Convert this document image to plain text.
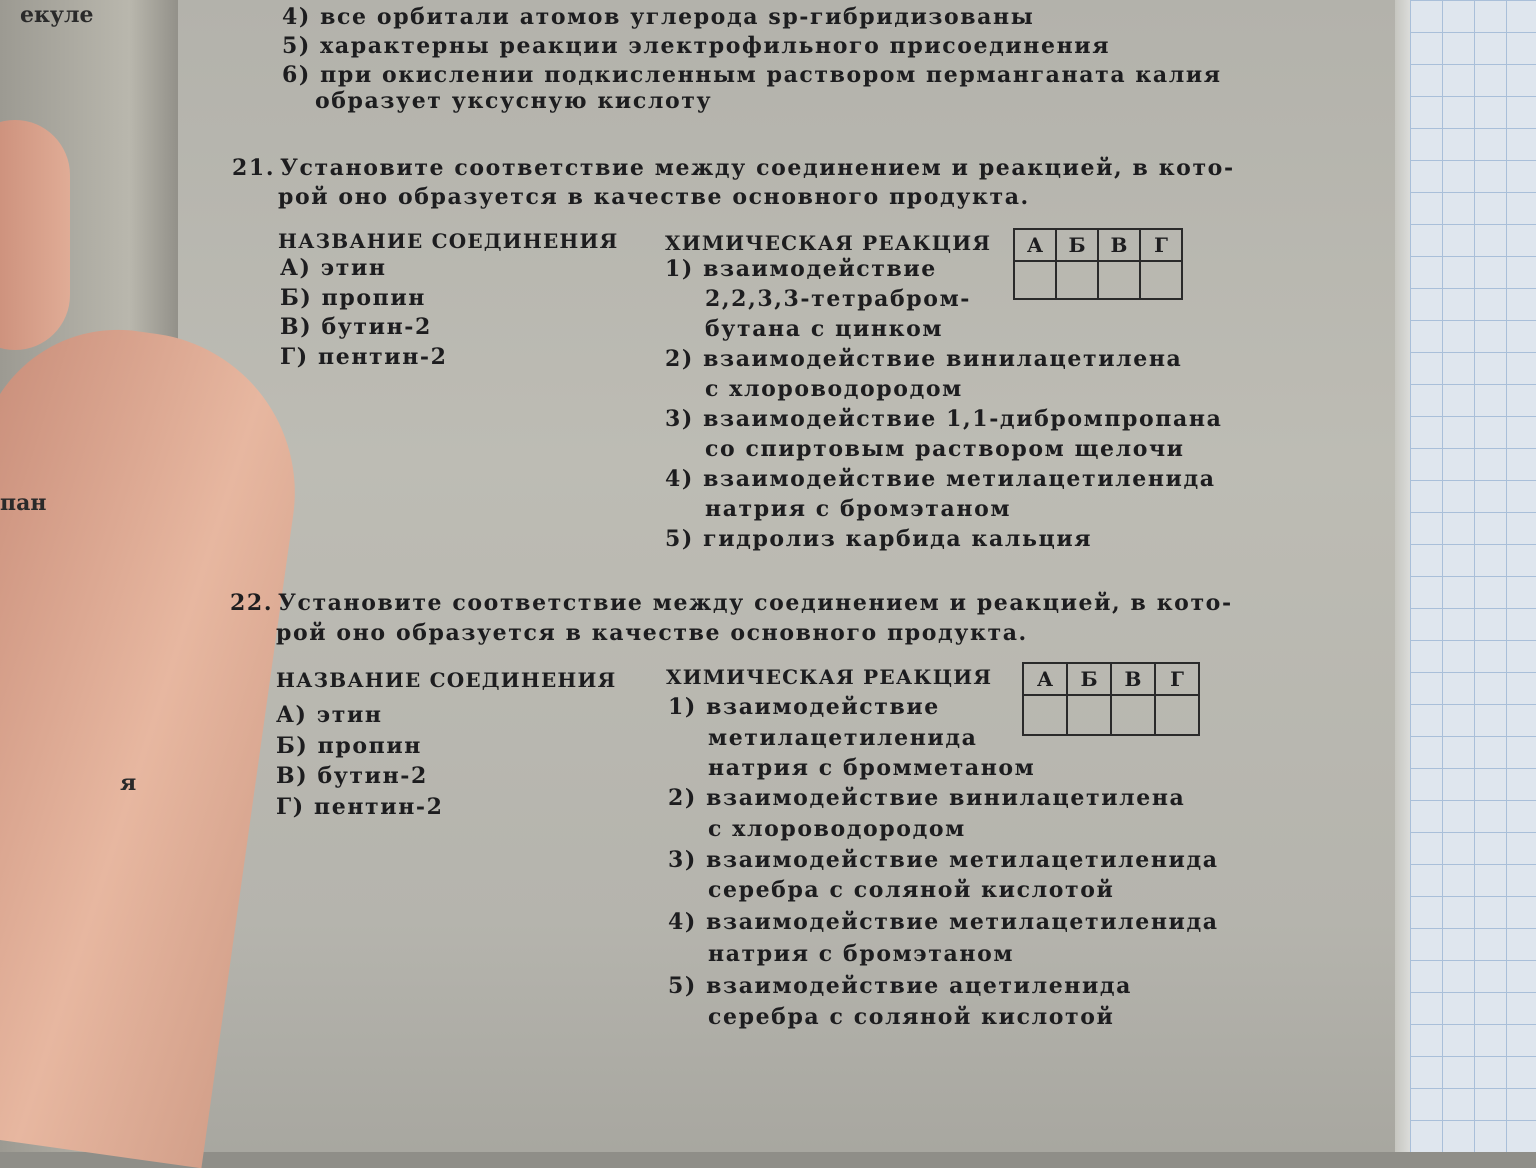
екуле
пан
я
4) все орбитали атомов углерода sp-гибридизованы
5) характерны реакции электрофильного присоединения
6) при окислении подкисленным раствором перманганата калия
образует уксусную кислоту
21. Установите соответствие между соединением и реакцией, в кото-
рой оно образуется в качестве основного продукта.
НАЗВАНИЕ СОЕДИНЕНИЯ ХИМИЧЕСКАЯ РЕАКЦИЯ
А) этин
Б) пропин
В) бутин-2
Г) пентин-2
1) взаимодействие
2,2,3,3-тетрабром-
бутана с цинком
2) взаимодействие винилацетилена
с хлороводородом
3) взаимодействие 1,1-дибромпропана
со спиртовым раствором щелочи
4) взаимодействие метилацетиленида
натрия с бромэтаном
5) гидролиз карбида кальция
А	Б	В	Г

22. Установите соответствие между соединением и реакцией, в кото-
рой оно образуется в качестве основного продукта.
НАЗВАНИЕ СОЕДИНЕНИЯ ХИМИЧЕСКАЯ РЕАКЦИЯ
А) этин
Б) пропин
В) бутин-2
Г) пентин-2
1) взаимодействие
метилацетиленида
натрия с бромметаном
2) взаимодействие винилацетилена
с хлороводородом
3) взаимодействие метилацетиленида
серебра с соляной кислотой
4) взаимодействие метилацетиленида
натрия с бромэтаном
5) взаимодействие ацетиленида
серебра с соляной кислотой
А	Б	В	Г
